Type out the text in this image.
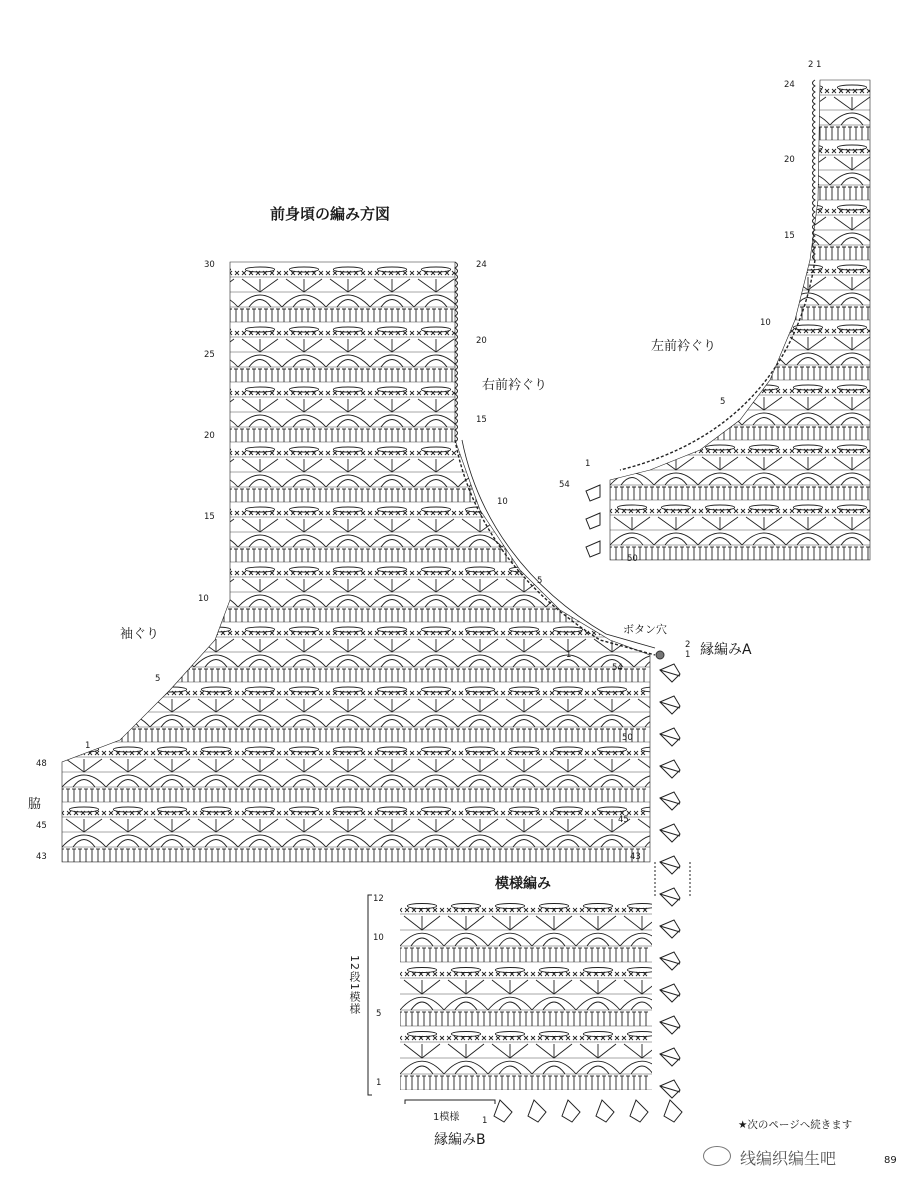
前身頃の編み方図
右前衿ぐり
左前衿ぐり
袖ぐり
脇
模様編み
縁編みA
縁編みB
ボタン穴
12段1模様
1模様
★次のページへ続きます
89
线编织编生吧
30
25
20
15
10
5
1
48
45
43
24
20
15
10
5
1
54
50
45
43
2
1
2 1
24
20
15
10
5
54
50
1
12
10
5
1
1
